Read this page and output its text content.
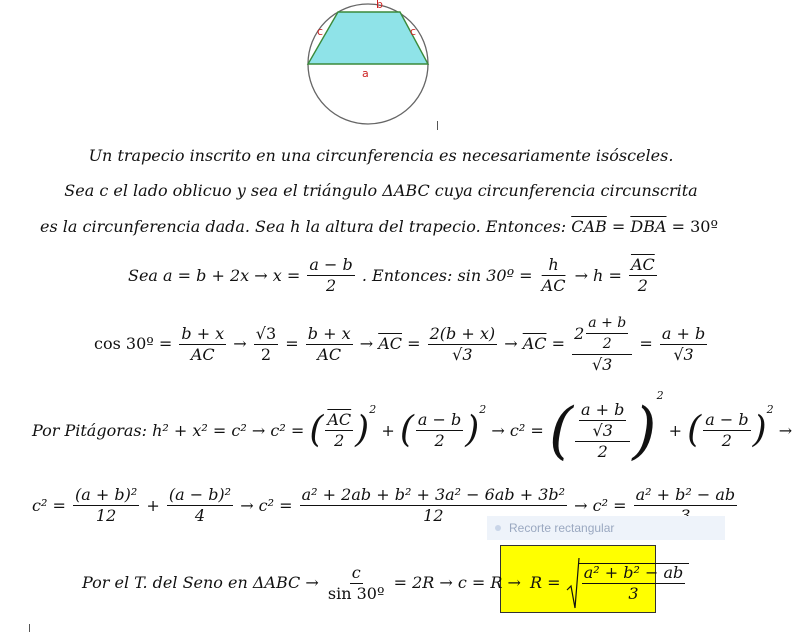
a
b
c	c
Un trapecio inscrito en una circunferencia es necesariamente isósceles.
Sea c el lado oblicuo y sea el triángulo ΔABC cuya circunferencia circunscrita
es la circunferencia dada. Sea h la altura del trapecio. Entonces: $\overline{CAB} = \overline{DBA}$ = 30º
Sea $a = b + 2x \to x = \frac{a - b}{2}$ . Entonces: sin 30º = $\frac{h}{AC} \to h = \frac{\overline{AC}}{2}$
cos 30º = $\frac{b + x}{AC} \to \frac{√3}{2} = \frac{b + x}{AC} \to \overline{AC} = \frac{2(b + x)}{√3} \to \overline{AC} = \frac{2 \frac{a + b}{2}}{√3} = \frac{a + b}{√3}$
Por Pitágoras: h² + x² = c² → c² = ( $\frac{\overline{AC}}{2} )^2$ + ( $\frac{a - b}{2} )^2 \to c^2$ = ( $\frac{\frac{a + b}{√3}}{2} )^2$ + ( $\frac{a - b}{2} )^2$ →
$c^2 = \frac{\text{(a + b)²}}{12} + \frac{\text{(a − b)²}}{4} \to c^2 = \frac{\text{a² + 2ab + b² + 3a² − 6ab + 3b²}}{12} \to c^2$ =
a² + b² − ab
Recorte rectangular
Por el T. del Seno en $\Delta ABC \to \frac{c}{\text{sin 30º}} = 2R \to c = R \to R = \frac{\text{a² + b² − ab}}{3}$
